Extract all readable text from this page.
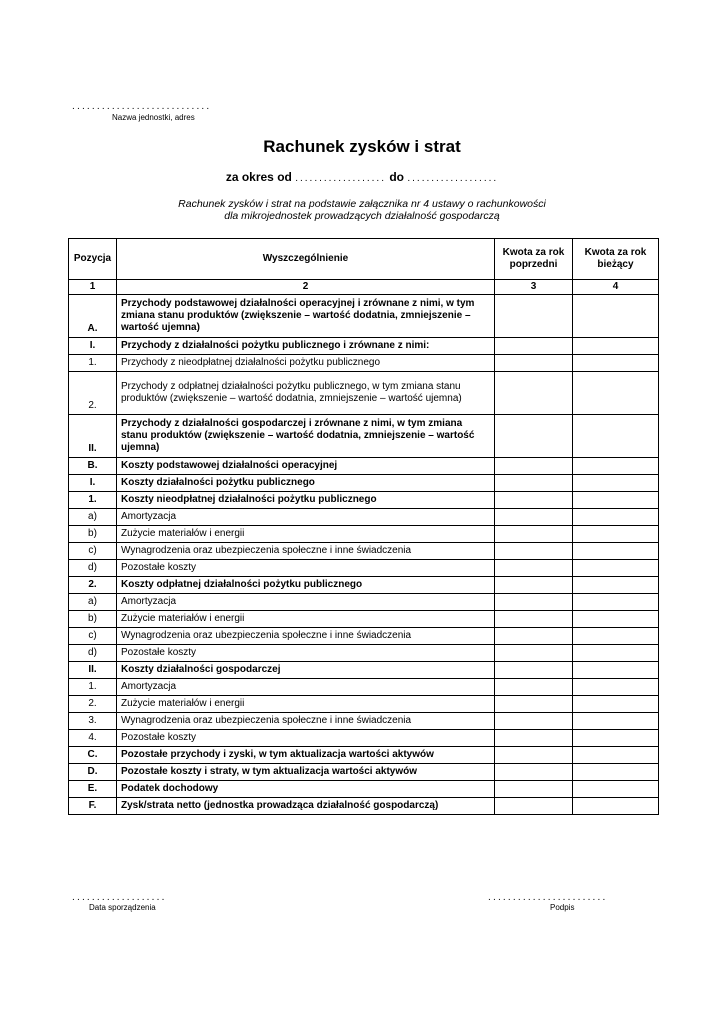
............................
Nazwa jednostki, adres
Rachunek zysków i strat
za okres od ................... do ...................
Rachunek zysków i strat na podstawie załącznika nr 4 ustawy o rachunkowości
dla mikrojednostek prowadzących działalność gospodarczą
Pozycja	Wyszczególnienie	Kwota za rok poprzedni	Kwota za rok bieżący
1	2	3	4
A.	Przychody podstawowej działalności operacyjnej i zrównane z nimi, w tym zmiana stanu produktów (zwiększenie – wartość dodatnia, zmniejszenie – wartość ujemna)		
I.	Przychody z działalności pożytku publicznego i zrównane z nimi:		
1.	Przychody z nieodpłatnej działalności pożytku publicznego		
2.	Przychody z odpłatnej działalności pożytku publicznego, w tym zmiana stanu produktów (zwiększenie – wartość dodatnia, zmniejszenie – wartość ujemna)		
II.	Przychody z działalności gospodarczej i zrównane z nimi, w tym zmiana stanu produktów (zwiększenie – wartość dodatnia, zmniejszenie – wartość ujemna)		
B.	Koszty podstawowej działalności operacyjnej		
I.	Koszty działalności pożytku publicznego		
1.	Koszty nieodpłatnej działalności pożytku publicznego		
a)	Amortyzacja		
b)	Zużycie materiałów i energii		
c)	Wynagrodzenia oraz ubezpieczenia społeczne i inne świadczenia		
d)	Pozostałe koszty		
2.	Koszty odpłatnej działalności pożytku publicznego		
a)	Amortyzacja		
b)	Zużycie materiałów i energii		
c)	Wynagrodzenia oraz ubezpieczenia społeczne i inne świadczenia		
d)	Pozostałe koszty		
II.	Koszty działalności gospodarczej		
1.	Amortyzacja		
2.	Zużycie materiałów i energii		
3.	Wynagrodzenia oraz ubezpieczenia społeczne i inne świadczenia		
4.	Pozostałe koszty		
C.	Pozostałe przychody i zyski, w tym aktualizacja wartości aktywów		
D.	Pozostałe koszty i straty, w tym aktualizacja wartości aktywów		
E.	Podatek dochodowy		
F.	Zysk/strata netto (jednostka prowadząca działalność gospodarczą)		
...................
Data sporządzenia
........................
Podpis
